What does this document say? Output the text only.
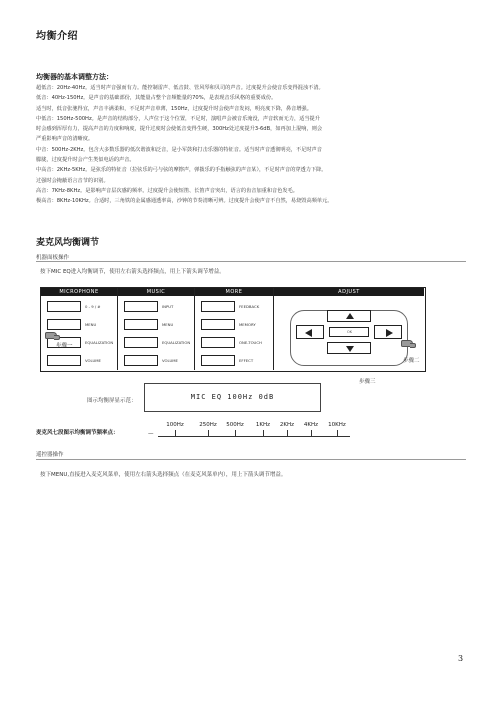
均衡介绍
均衡器的基本调整方法：

超低音：20Hz-40Hz。适当时声音强而有力。能控制雷声、低音鼓、管风琴和贝司的声音。过度提升会使音乐变得混浊不清。

低音：40Hz-150Hz。是声音的基础部份，其能量占整个音频能量的70%，是表现音乐风格的重要成份。

适当时，低音张驰得宜，声音丰满柔和，不足时声音单薄，150Hz，过度提升时会使声音发闷，明亮度下降，鼻音增强。

中低音：150Hz-500Hz。是声音的结构部分，人声位于这个位置，不足时，演唱声会被音乐淹没，声音软而无力，适当提升

时会感到浑厚有力，提高声音的力度和响度，提升过度时会使低音变得生硬，300Hz处过度提升3-6dB，如再加上混响，则会

严重影响声音的清晰度。

中音：500Hz-2KHz。包含大多数乐器的低次谐波和泛音，是小军鼓和打击乐器的特征音。适当时声音透彻明亮，不足时声音

朦胧，过度提升时会产生类似电话的声音。

中高音：2KHz-5KHz。是弦乐的特征音（拉弦乐的弓与弦的摩擦声，弹拨乐的手指触弦的声音某），不足时声音的穿透力下降。

过强时会掩蔽语言音节的识别。

高音：7KHz-8KHz。是影响声音层次感的频率。过度提升会使短笛、长笛声音突出，语言的齿音加重和音色发毛。

极高音：8KHz-10KHz。合适时，三角铁的金属感通透率高，沙钟的节奏清晰可辨。过度提升会使声音不自然，易烧毁高频单元。

麦克风均衡调节
机器面板操作
按下MIC EQ进入均衡调节，使用左右箭头选择频点，用上下箭头调节增益。
MICROPHONE
0 - 9 / #
MENU
EQUALIZATION
VOLUME
MUSIC
INPUT
MENU
EQUALIZATION
VOLUME
MORE
FEEDBACK
MEMORY
ONE-TOUCH
EFFECT
ADJUST
OK
步骤一
步骤二
步骤三
图示均衡屏显示范：	MIC EQ 100Hz 0dB
麦克风七段图示均衡调节频率点：	—
100Hz	250Hz	500Hz	1KHz	2KHz	4KHz	10KHz
遥控器操作
按下MENU,直接进入麦克风菜单，使用左右箭头选择频点（在麦克风菜单内），用上下箭头调节增益。
3
